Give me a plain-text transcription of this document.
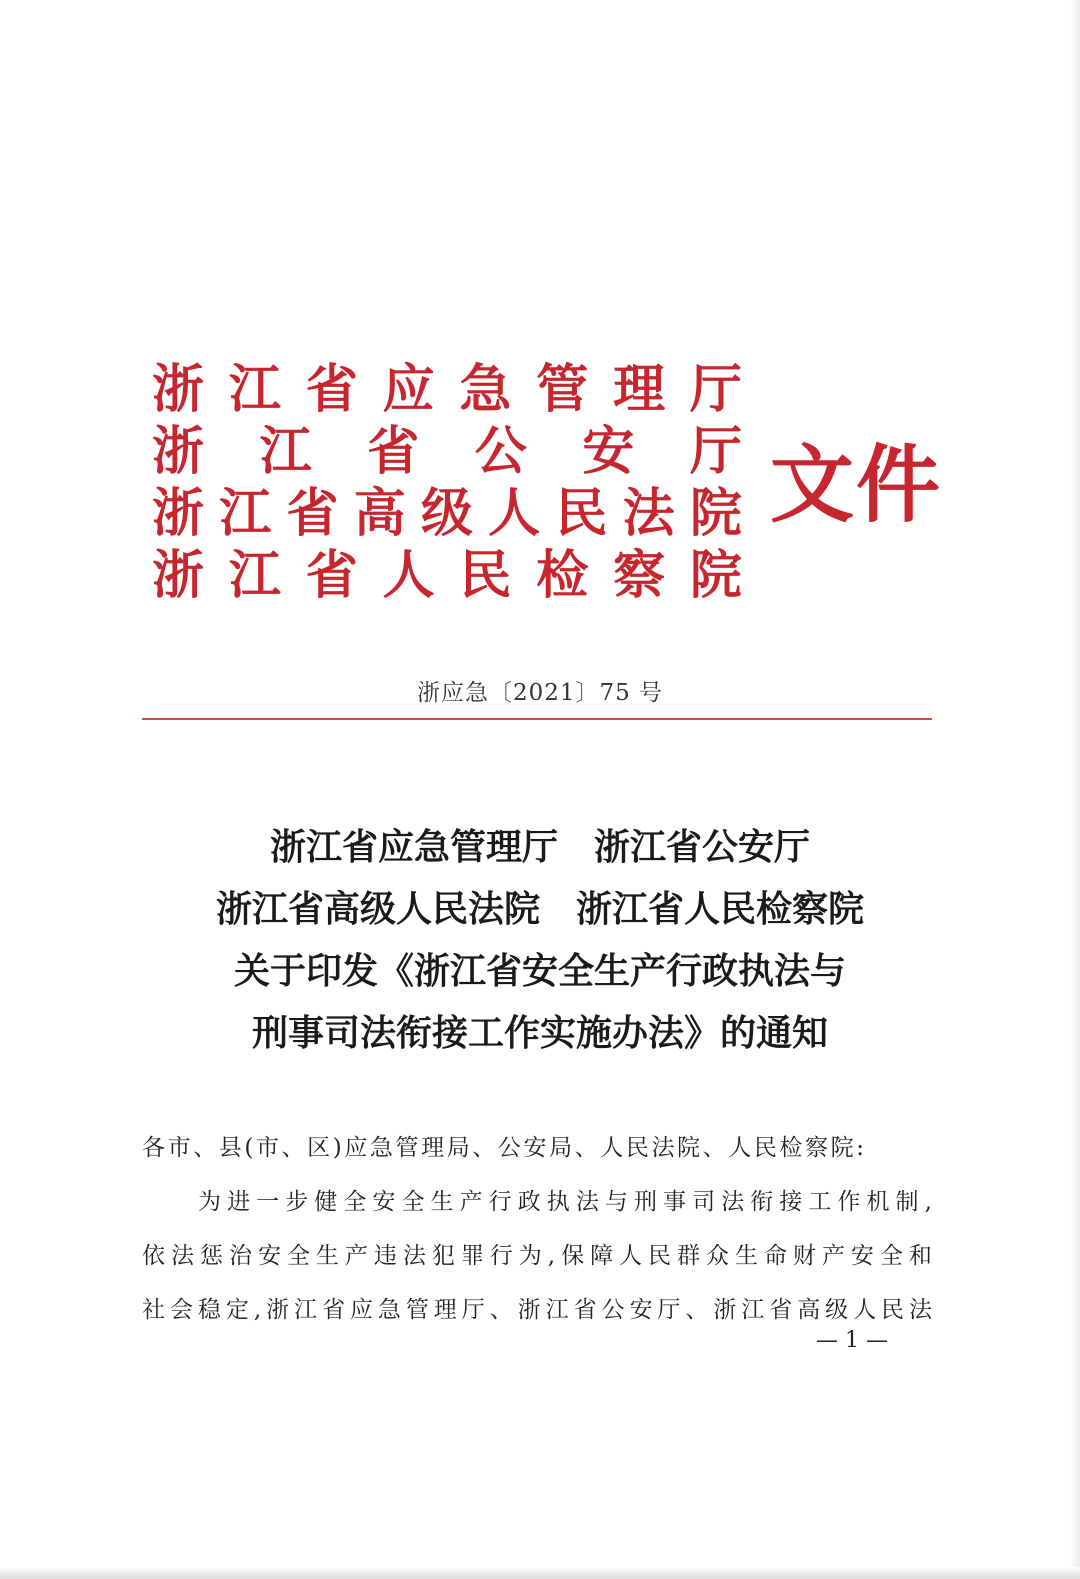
浙 江 省 应 急 管 理 厅
浙 江 省 公 安 厅
浙 江 省 高 级 人 民 法 院
浙 江 省 人 民 检 察 院
文件
浙应急〔2021〕75 号
浙江省应急管理厅　浙江省公安厅
浙江省高级人民法院　浙江省人民检察院
关于印发《浙江省安全生产行政执法与
刑事司法衔接工作实施办法》的通知
各 市 、 县 ( 市 、 区 ) 应 急 管 理 局 、 公 安 局 、 人 民 法 院 、 人 民 检 察 院 :
为 进 一 步 健 全 安 全 生 产 行 政 执 法 与 刑 事 司 法 衔 接 工 作 机 制 ,
依 法 惩 治 安 全 生 产 违 法 犯 罪 行 为 , 保 障 人 民 群 众 生 命 财 产 安 全 和
社 会 稳 定 , 浙 江 省 应 急 管 理 厅 、 浙 江 省 公 安 厅 、 浙 江 省 高 级 人 民 法
— 1 —
